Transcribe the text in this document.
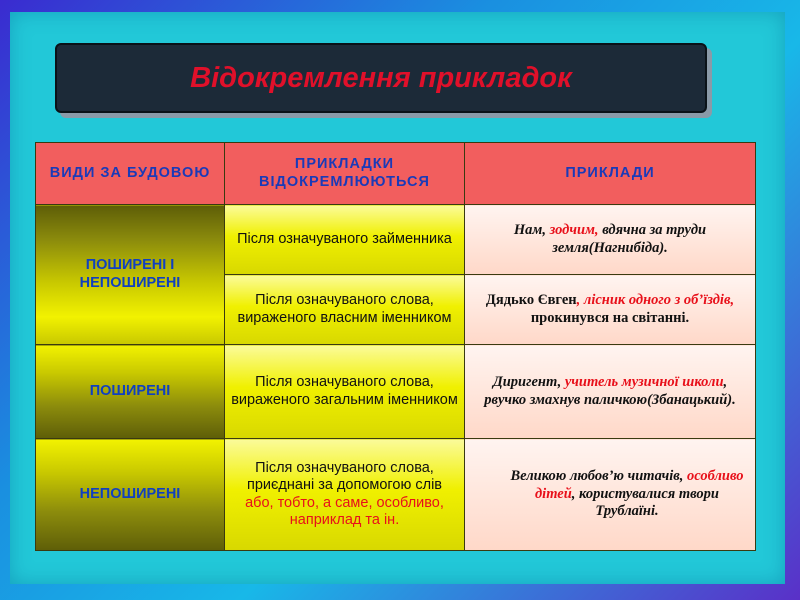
Відокремлення прикладок
ВИДИ ЗА БУДОВОЮ	ПРИКЛАДКИ ВІДОКРЕМЛЮЮТЬСЯ	ПРИКЛАДИ
ПОШИРЕНІ І НЕПОШИРЕНІ	Після означуваного займенника	Нам, зодчим, вдячна за труди земля(Нагнибіда).
	Після означуваного слова, вираженого власним іменником	Дядько Євген, лісник одного з об’їздів, прокинувся на світанні.
ПОШИРЕНІ	Після означуваного слова, вираженого загальним іменником	Диригент, учитель музичної школи, рвучко змахнув паличкою(Збанацький).
НЕПОШИРЕНІ	Після означуваного слова, приєднані за допомогою слів або, тобто, а саме, особливо, наприклад та ін.	Великою любов’ю читачів, особливо дітей, користувалися твори Трублаїні.
